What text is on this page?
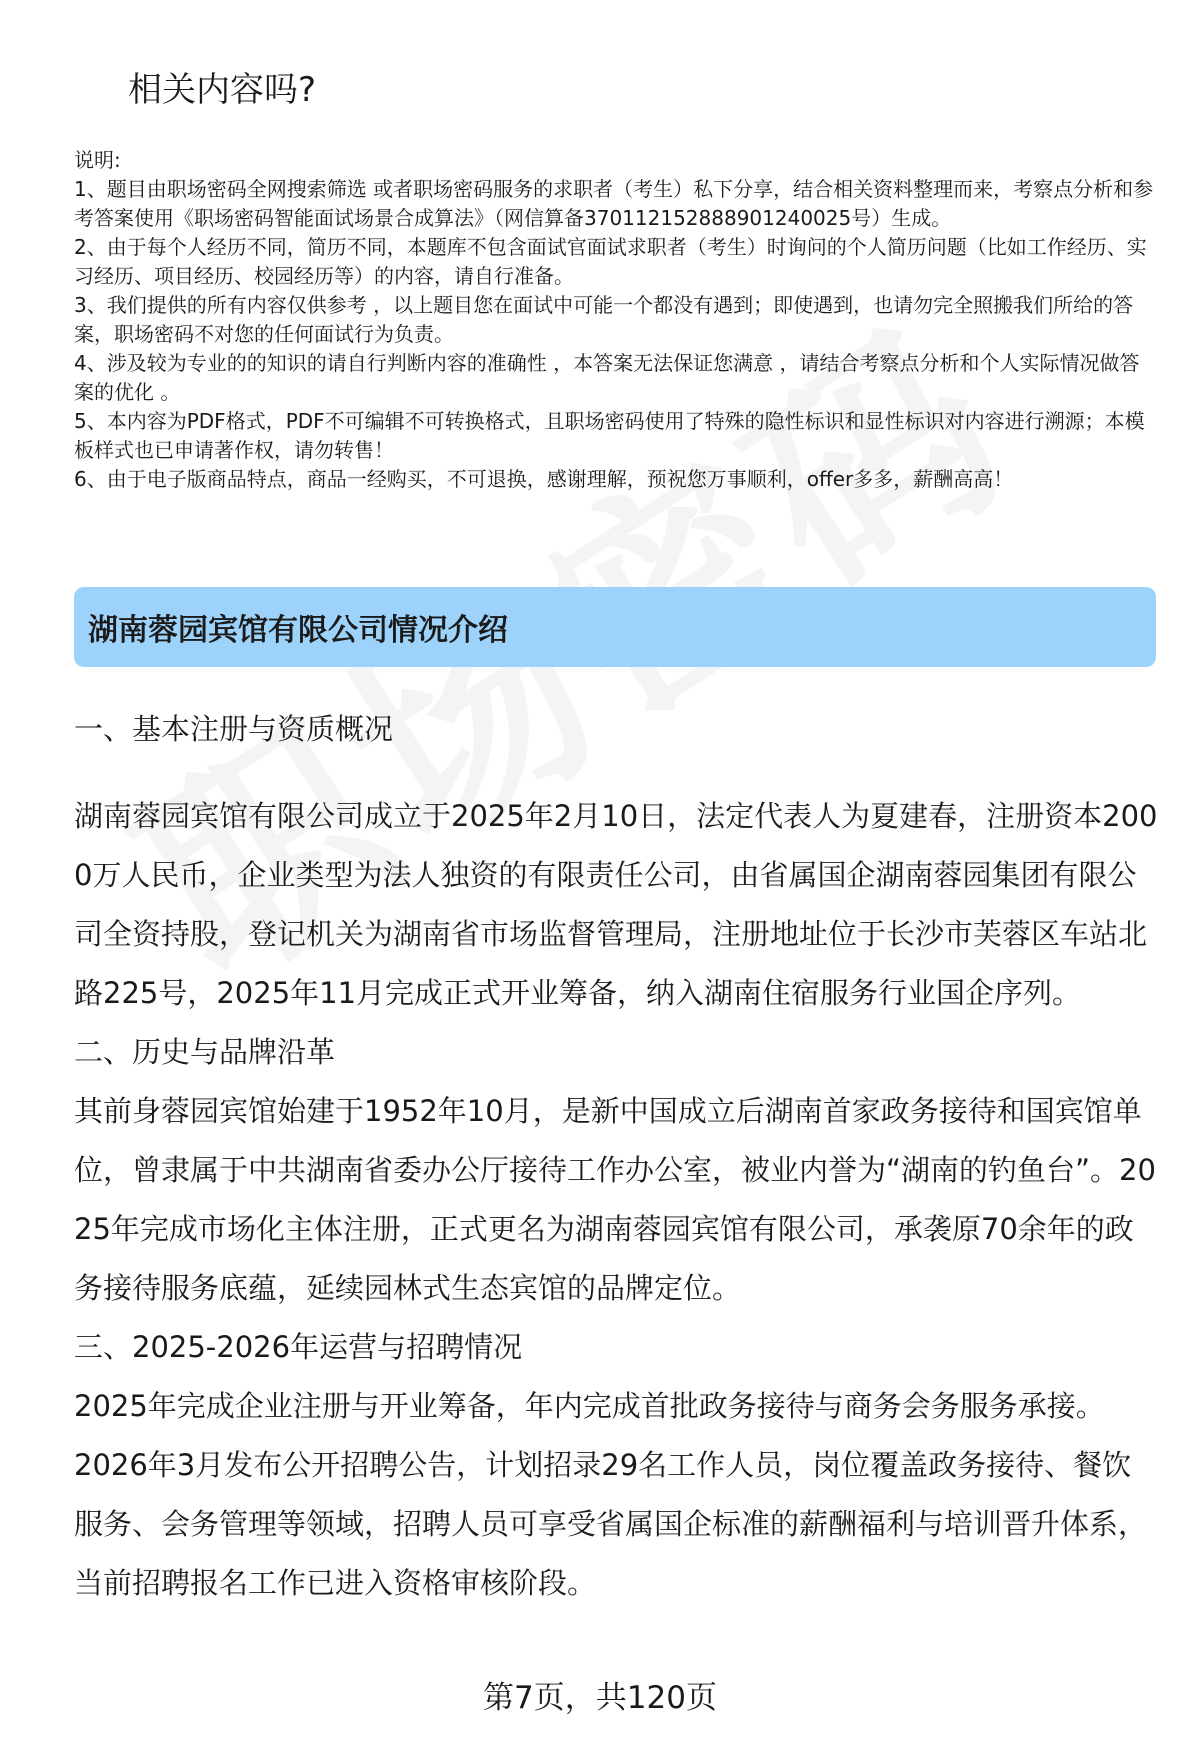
相关内容吗?

说明:

1、题目由职场密码全网搜索筛选 或者职场密码服务的求职者（考生）私下分享，结合相关资料整理而来，考察点分析和参考答案使用《职场密码智能面试场景合成算法》（网信算备370112152888901240025号）生成。

2、由于每个人经历不同，简历不同，本题库不包含面试官面试求职者（考生）时询问的个人简历问题（比如工作经历、实习经历、项目经历、校园经历等）的内容，请自行准备。

3、我们提供的所有内容仅供参考 ，以上题目您在面试中可能一个都没有遇到；即使遇到，也请勿完全照搬我们所给的答案，职场密码不对您的任何面试行为负责。

4、涉及较为专业的的知识的请自行判断内容的准确性 ，本答案无法保证您满意 ，请结合考察点分析和个人实际情况做答案的优化 。

5、本内容为PDF格式，PDF不可编辑不可转换格式，且职场密码使用了特殊的隐性标识和显性标识对内容进行溯源；本模板样式也已申请著作权，请勿转售！

6、由于电子版商品特点，商品一经购买，不可退换，感谢理解，预祝您万事顺利，offer多多，薪酬高高！

湖南蓉园宾馆有限公司情况介绍
一、基本注册与资质概况

湖南蓉园宾馆有限公司成立于2025年2月10日，法定代表人为夏建春，注册资本2000万人民币，企业类型为法人独资的有限责任公司，由省属国企湖南蓉园集团有限公司全资持股，登记机关为湖南省市场监督管理局，注册地址位于长沙市芙蓉区车站北路225号，2025年11月完成正式开业筹备，纳入湖南住宿服务行业国企序列。

二、历史与品牌沿革

其前身蓉园宾馆始建于1952年10月，是新中国成立后湖南首家政务接待和国宾馆单位，曾隶属于中共湖南省委办公厅接待工作办公室，被业内誉为“湖南的钓鱼台”。2025年完成市场化主体注册，正式更名为湖南蓉园宾馆有限公司，承袭原70余年的政务接待服务底蕴，延续园林式生态宾馆的品牌定位。

三、2025-2026年运营与招聘情况

2025年完成企业注册与开业筹备，年内完成首批政务接待与商务会务服务承接。

2026年3月发布公开招聘公告，计划招录29名工作人员，岗位覆盖政务接待、餐饮服务、会务管理等领域，招聘人员可享受省属国企标准的薪酬福利与培训晋升体系，当前招聘报名工作已进入资格审核阶段。

第7页，共120页
